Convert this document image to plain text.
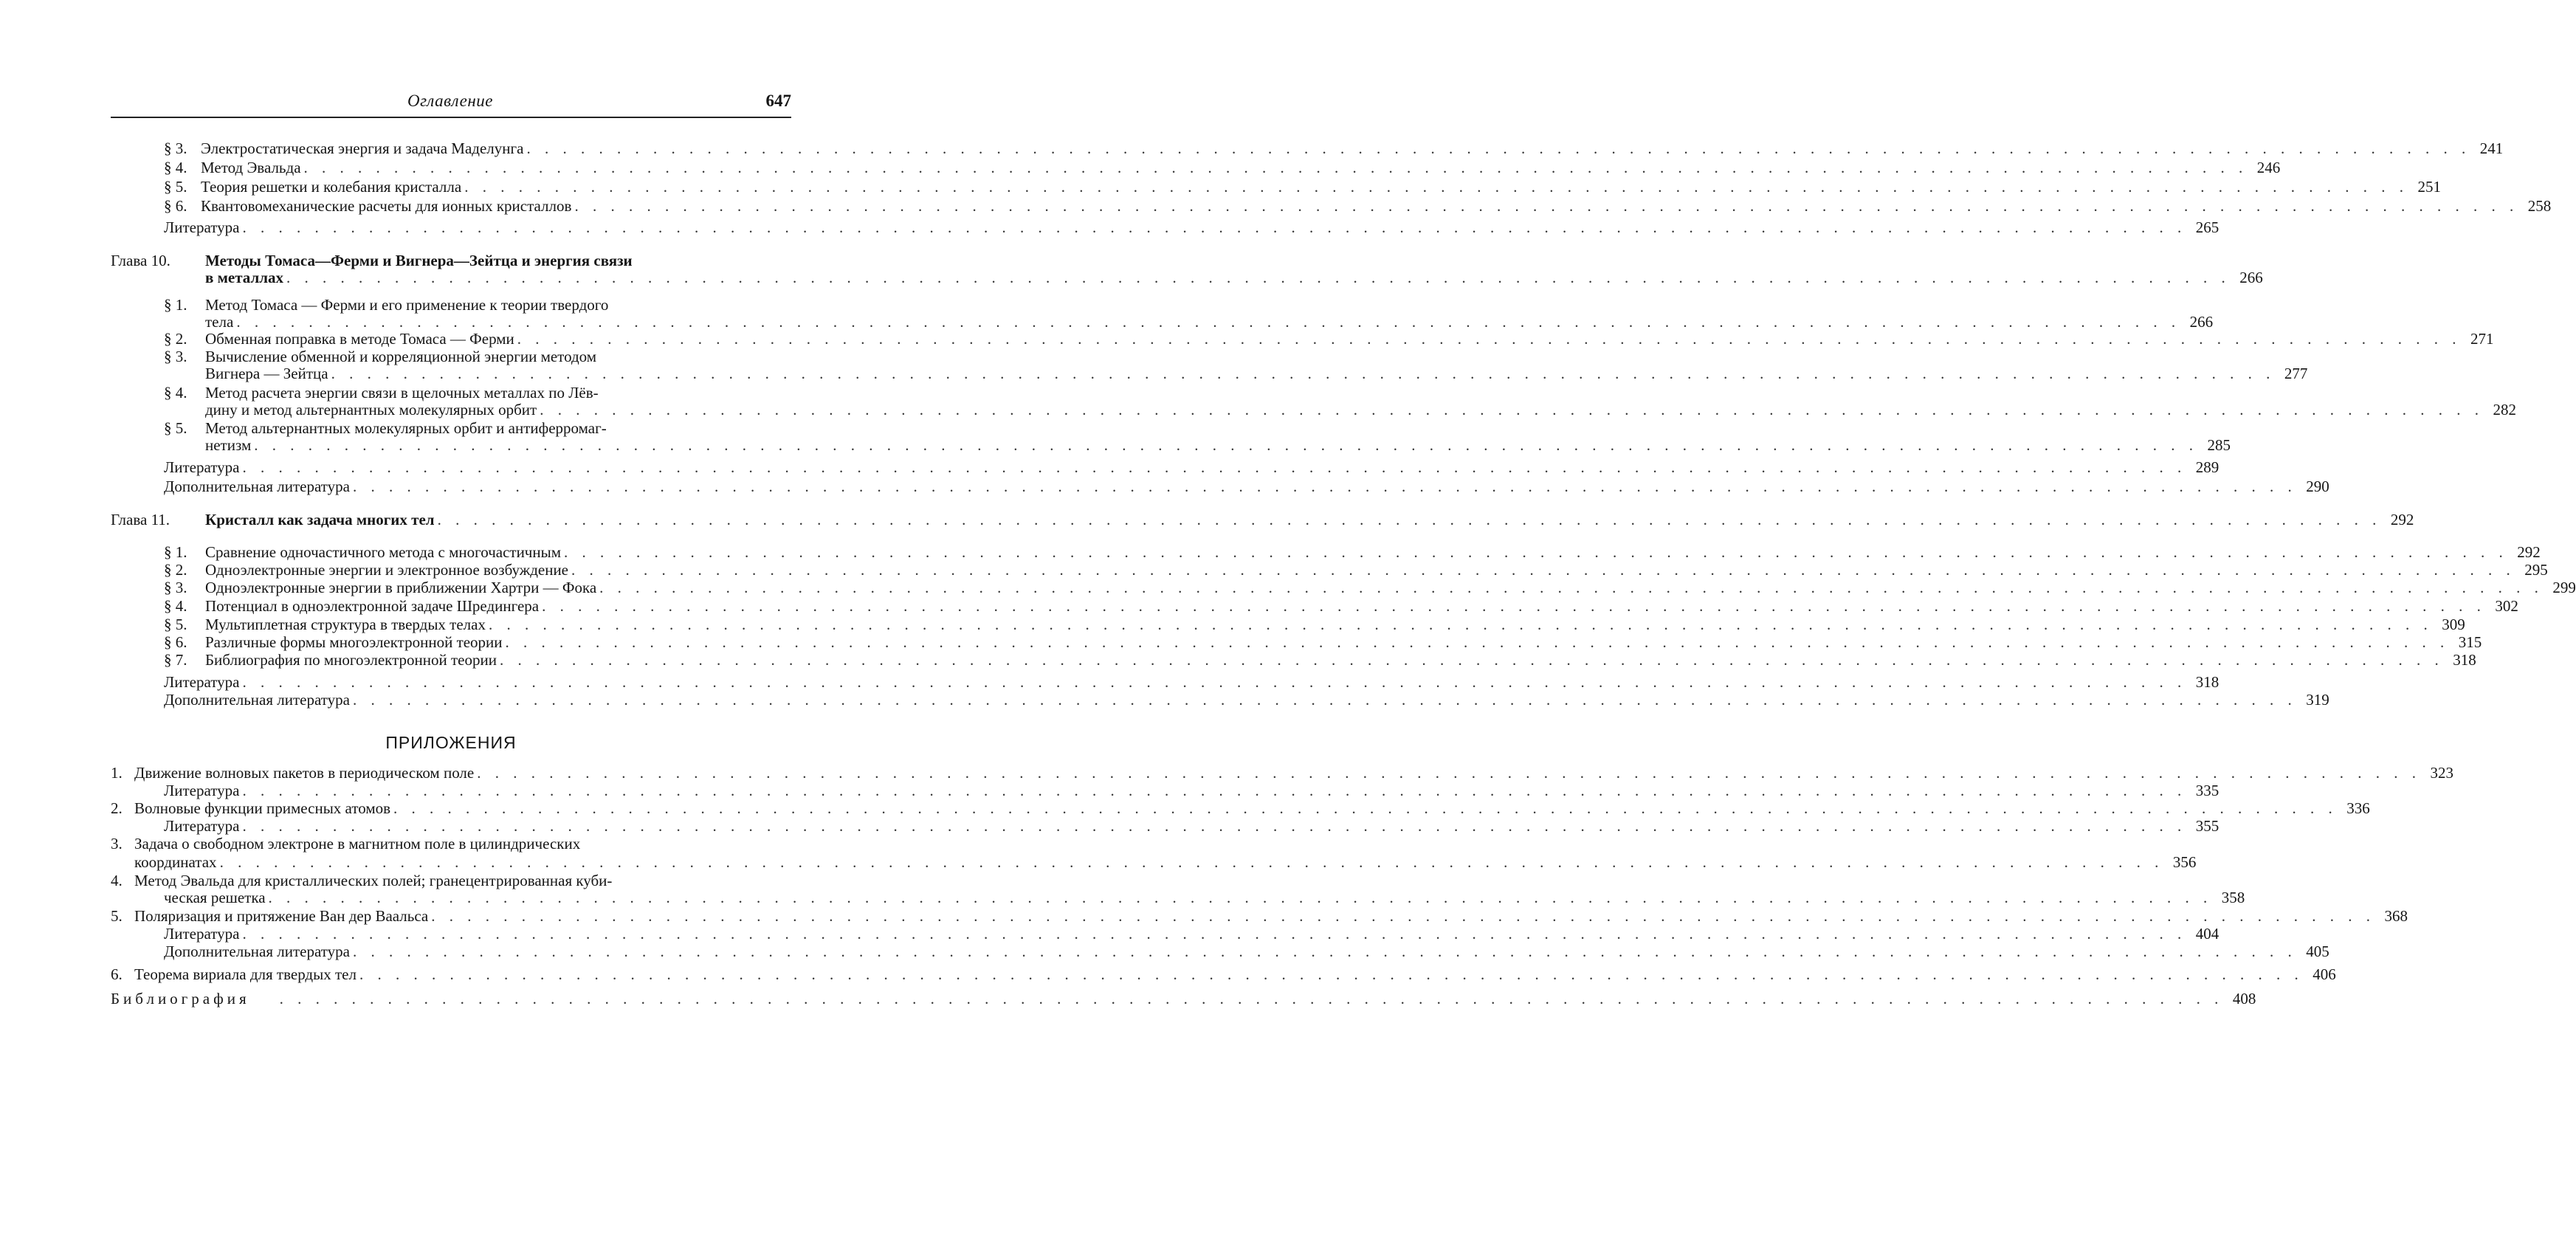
Оглавление	647
§ 3. Электростатическая энергия и задача Маделунга . . .	241
§ 4. Метод Эвальда . . .	246
§ 5. Теория решетки и колебания кристалла . . .	251
§ 6. Квантовомеханические расчеты для ионных кристаллов . . .	258
Литература . . .	265
Глава 10. Методы Томаса—Ферми и Вигнера—Зейтца и энергия связи
в металлах . . .	266
§ 1. Метод Томаса — Ферми и его применение к теории твердого
тела . . .	266
§ 2.	Обменная поправка в методе Томаса — Ферми . . .	271
§ 3. Вычисление обменной и корреляционной энергии методом
Вигнера — Зейтца . . .	277
§ 4. Метод расчета энергии связи в щелочных металлах по Лёв-
дину и метод альтернантных молекулярных орбит . . .	282
§ 5. Метод альтернантных молекулярных орбит и антиферромаг-
нетизм . . .	285
Литература . . .	289
Дополнительная литература . . .	290
Глава 11.	Кристалл как задача многих тел . . .	292
§ 1.	Сравнение одночастичного метода с многочастичным . . .	292
§ 2.	Одноэлектронные энергии и электронное возбуждение . . .	295
§ 3.	Одноэлектронные энергии в приближении Хартри — Фока . . .	299
§ 4.	Потенциал в одноэлектронной задаче Шредингера . . .	302
§ 5.	Мультиплетная структура в твердых телах . . .	309
§ 6.	Различные формы многоэлектронной теории . . .	315
§ 7.	Библиография по многоэлектронной теории . . .	318
Литература . . .	318
Дополнительная литература . . .	319
ПРИЛОЖЕНИЯ
1. Движение волновых пакетов в периодическом поле . . .	323
Литература . . .	335
2. Волновые функции примесных атомов . . .	336
Литература . . .	355
3. Задача о свободном электроне в магнитном поле в цилиндрических
координатах . . .	356
4. Метод Эвальда для кристаллических полей; гранецентрированная куби-
ческая решетка . . .	358
5. Поляризация и притяжение Ван дер Ваальса . . .	368
Литература . . .	404
Дополнительная литература . . .	405
6. Теорема вириала для твердых тел . . .	406
Библиография . . .	408
